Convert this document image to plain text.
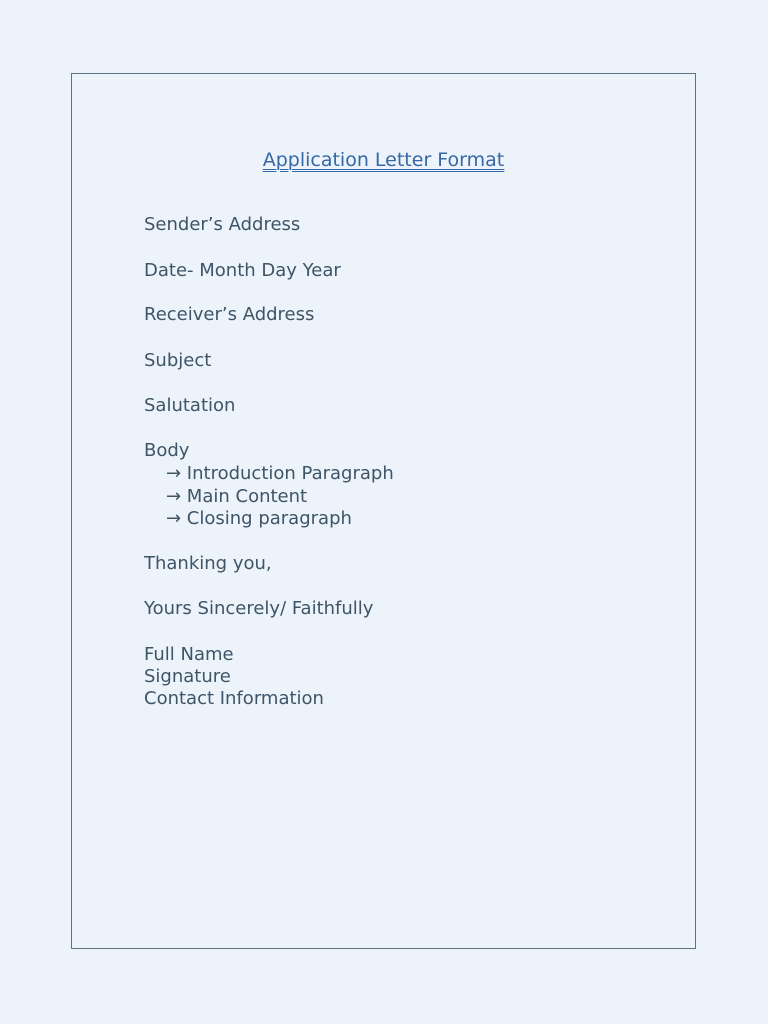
Application Letter Format
Sender’s Address
Date- Month Day Year
Receiver’s Address
Subject
Salutation
Body
→ Introduction Paragraph
→ Main Content
→ Closing paragraph
Thanking you,
Yours Sincerely/ Faithfully
Full Name
Signature
Contact Information
